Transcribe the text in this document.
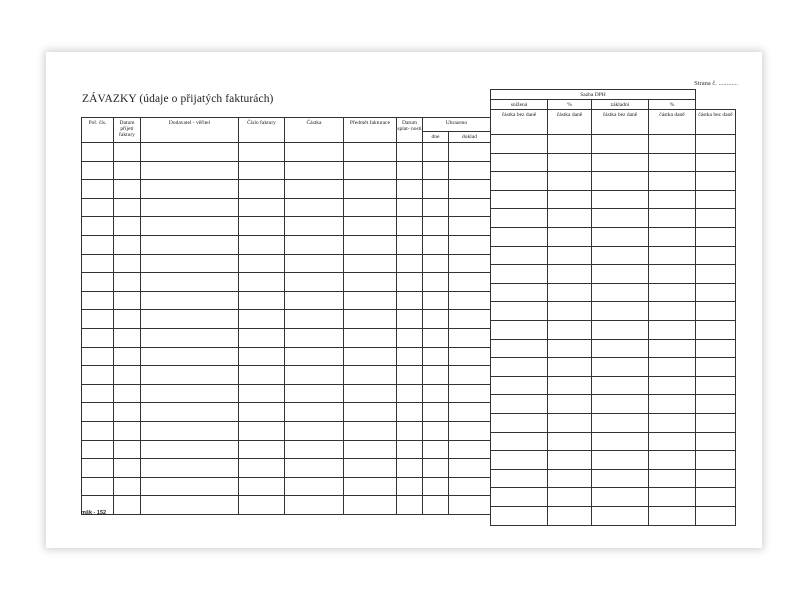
Strana č. ............
ZÁVAZKY (údaje o přijatých fakturách)
Poř. čís.	Datum přijetí faktury	Dodavatel - věřitel	Číslo faktury	Částka	Předmět fakturace	Datum splat- nosti	Uhrazeno	
							dne	doklad

Sazba DPH				
snížená	%	základní	%	
částka bez daně	částka daně	částka bez daně	částka daně	částka bez daně

mšk - 152
